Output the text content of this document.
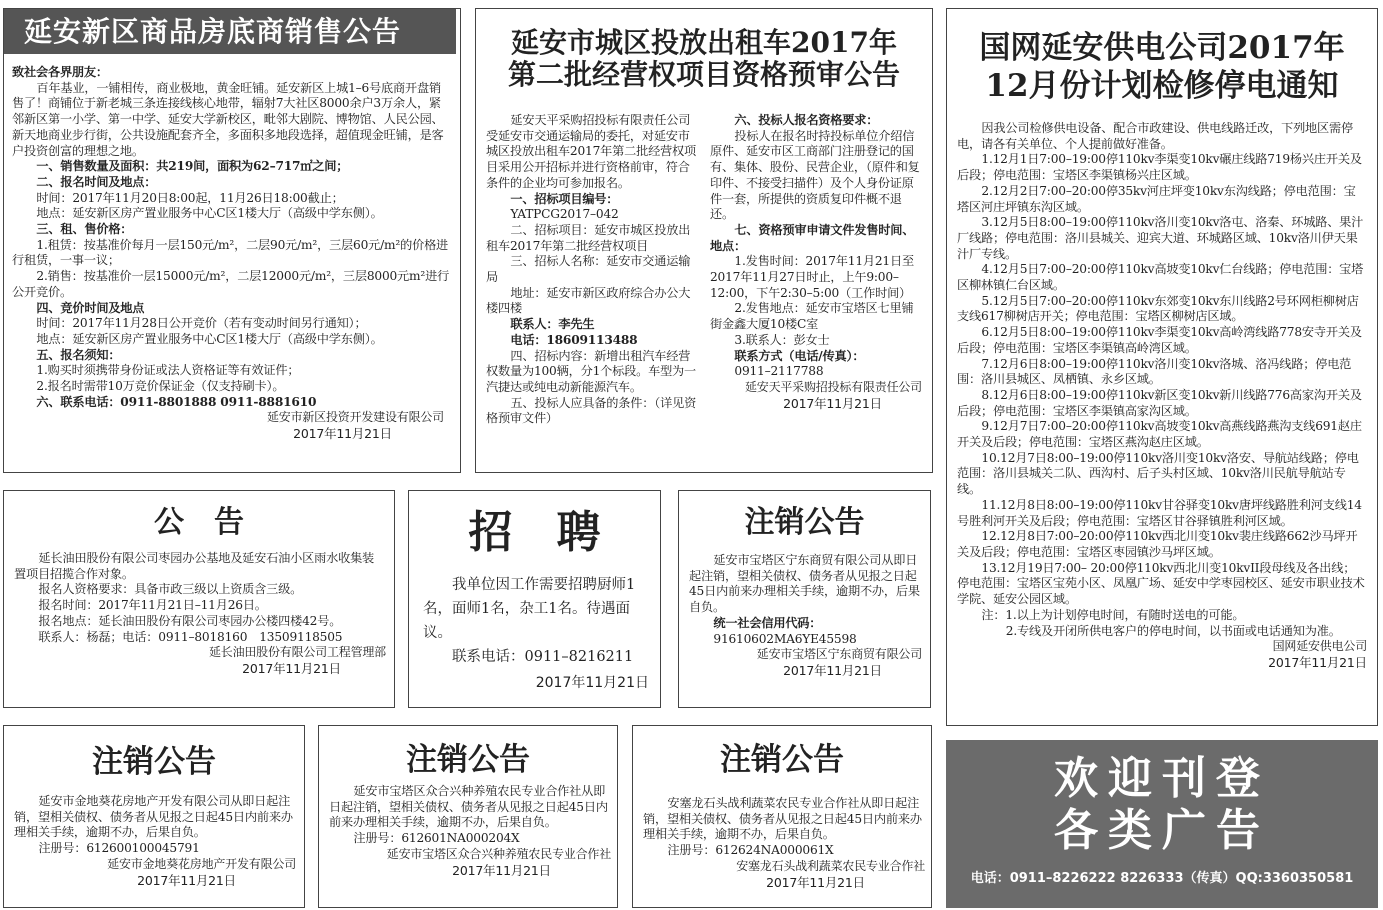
延安新区商品房底商销售公告

致社会各界朋友：

百年基业，一铺相传，商业极地，黄金旺铺。延安新区上城1–6号底商开盘销售了！商铺位于新老城三条连接线核心地带，辐射7大社区8000余户3万余人，紧邻新区第一小学、第一中学、延安大学新校区，毗邻大剧院、博物馆、人民公园、新天地商业步行街，公共设施配套齐全，多面积多地段选择，超值现金旺铺，是客户投资创富的理想之地。

一、销售数量及面积：共219间，面积为62–717㎡之间；

二、报名时间及地点：

时间：2017年11月20日8:00起，11月26日18:00截止；

地点：延安新区房产置业服务中心C区1楼大厅（高级中学东侧）。

三、租、售价格：

1.租赁：按基准价每月一层150元/m²，二层90元/m²，三层60元/m²的价格进行租赁，一事一议；

2.销售：按基准价一层15000元/m²，二层12000元/m²，三层8000元m²进行公开竞价。

四、竞价时间及地点

时间：2017年11月28日公开竞价（若有变动时间另行通知）；

地点：延安新区房产置业服务中心C区1楼大厅（高级中学东侧）。

五、报名须知：

1.购买时须携带身份证或法人资格证等有效证件；

2.报名时需带10万竞价保证金（仅支持刷卡）。

六、联系电话：0911-8801888 0911-8881610

延安市新区投资开发建设有限公司

2017年11月21日

延安市城区投放出租车2017年
第二批经营权项目资格预审公告

延安天平采购招投标有限责任公司受延安市交通运输局的委托，对延安市城区投放出租车2017年第二批经营权项目采用公开招标并进行资格前审，符合条件的企业均可参加报名。

一、招标项目编号：

YATPCG2017–042

二、招标项目：延安市城区投放出租车2017年第二批经营权项目

三、招标人名称：延安市交通运输局

地址：延安市新区政府综合办公大楼四楼

联系人：李先生

电话：18609113488

四、招标内容：新增出租汽车经营权数量为100辆，分1个标段。车型为一汽捷达或纯电动新能源汽车。

五、投标人应具备的条件：（详见资格预审文件）

六、投标人报名资格要求：

投标人在报名时持投标单位介绍信原件、延安市区工商部门注册登记的国有、集体、股份、民营企业，（原件和复印件、不接受扫描件）及个人身份证原件一套，所提供的资质复印件概不退还。

七、资格预审申请文件发售时间、地点：

1.发售时间：2017年11月21日至2017年11月27日时止，上午9:00–12:00，下午2:30–5:00（工作时间）

2.发售地点：延安市宝塔区七里铺街金鑫大厦10楼C室

3.联系人：彭女士

联系方式（电话/传真）：

0911–2117788

延安天平采购招投标有限责任公司

2017年11月21日

国网延安供电公司2017年
12月份计划检修停电通知

因我公司检修供电设备、配合市政建设、供电线路迁改，下列地区需停电，请各有关单位、个人提前做好准备。

1.12月1日7:00–19:00停110kv李渠变10kv碾庄线路719杨兴庄开关及后段；停电范围：宝塔区李渠镇杨兴庄区域。

2.12月2日7:00–20:00停35kv河庄坪变10kv东沟线路；停电范围：宝塔区河庄坪镇东沟区域。

3.12月5日8:00–19:00停110kv洛川变10kv洛屯、洛秦、环城路、果汁厂线路；停电范围：洛川县城关、迎宾大道、环城路区域、10kv洛川伊天果汁厂专线。

4.12月5日7:00–20:00停110kv高坡变10kv仁台线路；停电范围：宝塔区柳林镇仁台区域。

5.12月5日7:00–20:00停110kv东郊变10kv东川线路2号环网柜柳树店支线617柳树店开关；停电范围：宝塔区柳树店区域。

6.12月5日8:00–19:00停110kv李渠变10kv高岭湾线路778安寺开关及后段；停电范围：宝塔区李渠镇高岭湾区域。

7.12月6日8:00–19:00停110kv洛川变10kv洛城、洛冯线路；停电范围：洛川县城区、凤栖镇、永乡区域。

8.12月6日8:00–19:00停110kv新区变10kv新川线路776高家沟开关及后段；停电范围：宝塔区李渠镇高家沟区域。

9.12月7日7:00–20:00停110kv高坡变10kv高燕线路燕沟支线691赵庄开关及后段；停电范围：宝塔区燕沟赵庄区域。

10.12月7日8:00–19:00停110kv洛川变10kv洛安、导航站线路；停电范围：洛川县城关二队、西沟村、后子头村区域、10kv洛川民航导航站专线。

11.12月8日8:00–19:00停110kv甘谷驿变10kv唐坪线路胜利河支线14号胜利河开关及后段；停电范围：宝塔区甘谷驿镇胜利河区域。

12.12月8日7:00–20:00停110kv西北川变10kv裴庄线路662沙马坪开关及后段；停电范围：宝塔区枣园镇沙马坪区域。

13.12月19日7:00– 20:00停110kv西北川变10kvII段母线及各出线；停电范围：宝塔区宝苑小区、凤凰广场、延安中学枣园校区、延安市职业技术学院、延安公园区域。

注：1.以上为计划停电时间，有随时送电的可能。

2.专线及开闭所供电客户的停电时间，以书面或电话通知为准。

国网延安供电公司

2017年11月21日

公　告

延长油田股份有限公司枣园办公基地及延安石油小区雨水收集装置项目招揽合作对象。

报名人资格要求：具备市政三级以上资质含三级。

报名时间：2017年11月21日–11月26日。

报名地点：延长油田股份有限公司枣园办公楼四楼42号。

联系人：杨磊；电话：0911–8018160　13509118505

延长油田股份有限公司工程管理部

2017年11月21日

招　聘

我单位因工作需要招聘厨师1名，面师1名，杂工1名。待遇面议。

联系电话：0911–8216211

2017年11月21日

注销公告

延安市宝塔区宁东商贸有限公司从即日起注销，望相关债权、债务者从见报之日起45日内前来办理相关手续，逾期不办，后果自负。

统一社会信用代码：

91610602MA6YE45598

延安市宝塔区宁东商贸有限公司

2017年11月21日

注销公告

延安市金地葵花房地产开发有限公司从即日起注销，望相关债权、债务者从见报之日起45日内前来办理相关手续，逾期不办，后果自负。

注册号：612600100045791

延安市金地葵花房地产开发有限公司

2017年11月21日

注销公告

延安市宝塔区众合兴种养殖农民专业合作社从即日起注销，望相关债权、债务者从见报之日起45日内前来办理相关手续，逾期不办，后果自负。

注册号：612601NA000204X

延安市宝塔区众合兴种养殖农民专业合作社

2017年11月21日

注销公告

安塞龙石头战利蔬菜农民专业合作社从即日起注销，望相关债权、债务者从见报之日起45日内前来办理相关手续，逾期不办，后果自负。

注册号：612624NA000061X

安塞龙石头战利蔬菜农民专业合作社

2017年11月21日

欢迎刊登
各类广告
电话：0911–8226222 8226333（传真）QQ:3360350581
